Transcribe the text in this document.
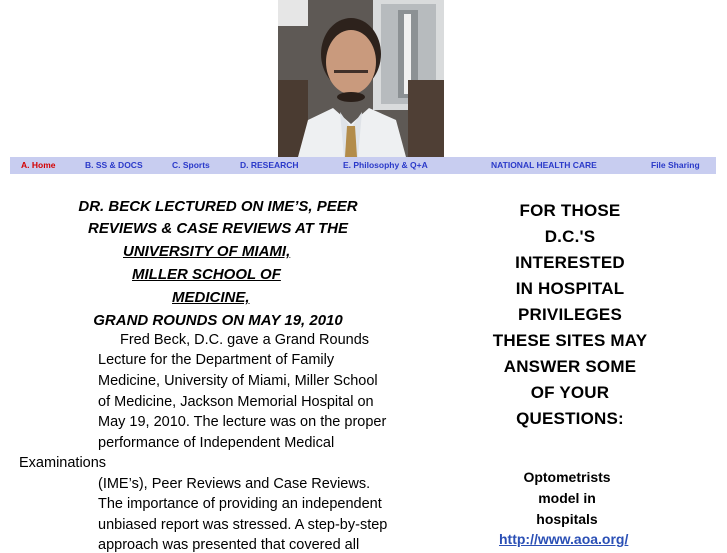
A. Home	B. SS & DOCS	C. Sports	D. RESEARCH	E. Philosophy & Q+A	NATIONAL HEALTH CARE	File Sharing
DR. BECK LECTURED ON IME’S, PEER
REVIEWS & CASE REVIEWS AT THE
UNIVERSITY OF MIAMI,
MILLER SCHOOL OF
MEDICINE,
GRAND ROUNDS ON MAY 19, 2010
Fred Beck, D.C. gave a Grand Rounds
Lecture for the Department of Family
Medicine, University of Miami, Miller School
of Medicine, Jackson Memorial Hospital on
May 19, 2010. The lecture was on the proper
performance of Independent Medical
Examinations
(IME’s), Peer Reviews and Case Reviews.
The importance of providing an independent
unbiased report was stressed. A step-by-step
approach was presented that covered all
FOR THOSE
D.C.'S
INTERESTED
IN HOSPITAL
PRIVILEGES
THESE SITES MAY
ANSWER SOME
OF YOUR
QUESTIONS:
Optometrists
model in
hospitals
http://www.aoa.org/
